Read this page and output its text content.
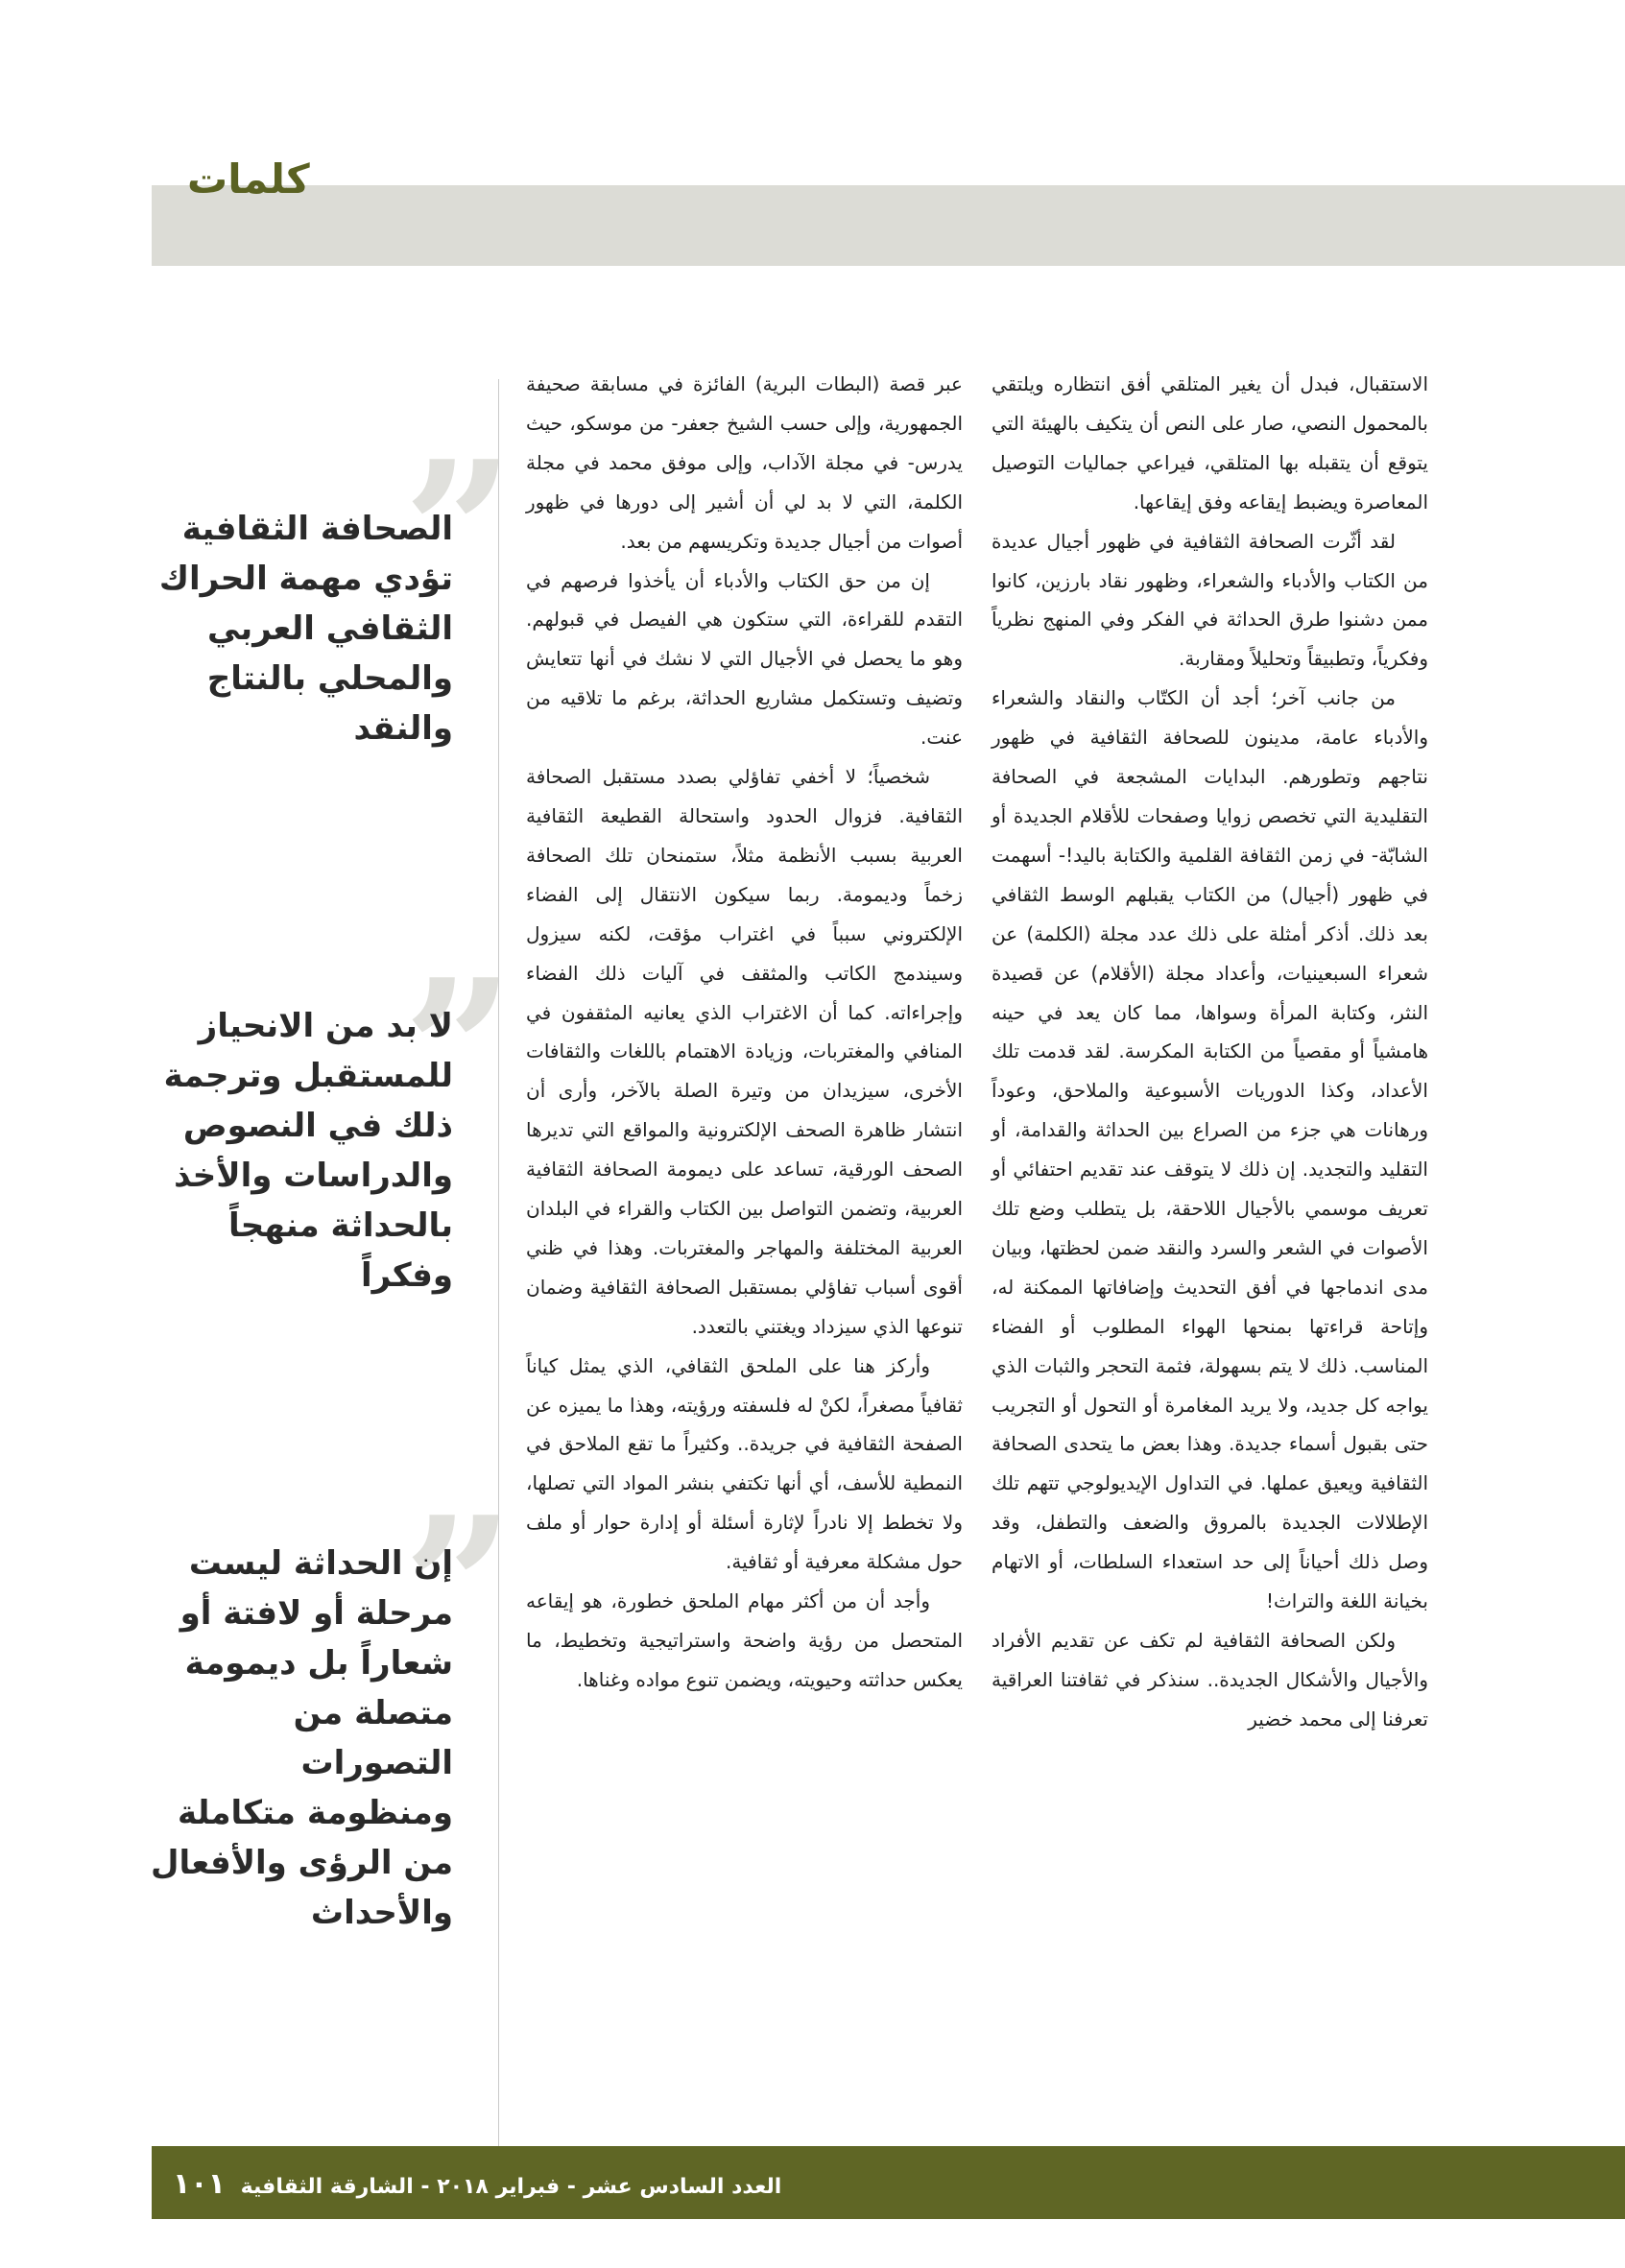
كلمات

الاستقبال، فبدل أن يغير المتلقي أفق انتظاره ويلتقي بالمحمول النصي، صار على النص أن يتكيف بالهيئة التي يتوقع أن يتقبله بها المتلقي، فيراعي جماليات التوصيل المعاصرة ويضبط إيقاعه وفق إيقاعها.

لقد أثّرت الصحافة الثقافية في ظهور أجيال عديدة من الكتاب والأدباء والشعراء، وظهور نقاد بارزين، كانوا ممن دشنوا طرق الحداثة في الفكر وفي المنهج نظرياً وفكرياً، وتطبيقاً وتحليلاً ومقاربة.

من جانب آخر؛ أجد أن الكتّاب والنقاد والشعراء والأدباء عامة، مدينون للصحافة الثقافية في ظهور نتاجهم وتطورهم. البدايات المشجعة في الصحافة التقليدية التي تخصص زوايا وصفحات للأقلام الجديدة أو الشابّة- في زمن الثقافة القلمية والكتابة باليد!- أسهمت في ظهور (أجيال) من الكتاب يقبلهم الوسط الثقافي بعد ذلك. أذكر أمثلة على ذلك عدد مجلة (الكلمة) عن شعراء السبعينيات، وأعداد مجلة (الأقلام) عن قصيدة النثر، وكتابة المرأة وسواها، مما كان يعد في حينه هامشياً أو مقصياً من الكتابة المكرسة. لقد قدمت تلك الأعداد، وكذا الدوريات الأسبوعية والملاحق، وعوداً ورهانات هي جزء من الصراع بين الحداثة والقدامة، أو التقليد والتجديد. إن ذلك لا يتوقف عند تقديم احتفائي أو تعريف موسمي بالأجيال اللاحقة، بل يتطلب وضع تلك الأصوات في الشعر والسرد والنقد ضمن لحظتها، وبيان مدى اندماجها في أفق التحديث وإضافاتها الممكنة له، وإتاحة قراءتها بمنحها الهواء المطلوب أو الفضاء المناسب. ذلك لا يتم بسهولة، فثمة التحجر والثبات الذي يواجه كل جديد، ولا يريد المغامرة أو التحول أو التجريب حتى بقبول أسماء جديدة. وهذا بعض ما يتحدى الصحافة الثقافية ويعيق عملها. في التداول الإيديولوجي تتهم تلك الإطلالات الجديدة بالمروق والضعف والتطفل، وقد وصل ذلك أحياناً إلى حد استعداء السلطات، أو الاتهام بخيانة اللغة والتراث!

ولكن الصحافة الثقافية لم تكف عن تقديم الأفراد والأجيال والأشكال الجديدة.. سنذكر في ثقافتنا العراقية تعرفنا إلى محمد خضير

عبر قصة (البطات البرية) الفائزة في مسابقة صحيفة الجمهورية، وإلى حسب الشيخ جعفر- من موسكو، حيث يدرس- في مجلة الآداب، وإلى موفق محمد في مجلة الكلمة، التي لا بد لي أن أشير إلى دورها في ظهور أصوات من أجيال جديدة وتكريسهم من بعد.

إن من حق الكتاب والأدباء أن يأخذوا فرصهم في التقدم للقراءة، التي ستكون هي الفيصل في قبولهم. وهو ما يحصل في الأجيال التي لا نشك في أنها تتعايش وتضيف وتستكمل مشاريع الحداثة، برغم ما تلاقيه من عنت.

شخصياً؛ لا أخفي تفاؤلي بصدد مستقبل الصحافة الثقافية. فزوال الحدود واستحالة القطيعة الثقافية العربية بسبب الأنظمة مثلاً، ستمنحان تلك الصحافة زخماً وديمومة. ربما سيكون الانتقال إلى الفضاء الإلكتروني سبباً في اغتراب مؤقت، لكنه سيزول وسيندمج الكاتب والمثقف في آليات ذلك الفضاء وإجراءاته. كما أن الاغتراب الذي يعانيه المثقفون في المنافي والمغتربات، وزيادة الاهتمام باللغات والثقافات الأخرى، سيزيدان من وتيرة الصلة بالآخر، وأرى أن انتشار ظاهرة الصحف الإلكترونية والمواقع التي تديرها الصحف الورقية، تساعد على ديمومة الصحافة الثقافية العربية، وتضمن التواصل بين الكتاب والقراء في البلدان العربية المختلفة والمهاجر والمغتربات. وهذا في ظني أقوى أسباب تفاؤلي بمستقبل الصحافة الثقافية وضمان تنوعها الذي سيزداد ويغتني بالتعدد.

وأركز هنا على الملحق الثقافي، الذي يمثل كياناً ثقافياً مصغراً، لكنْ له فلسفته ورؤيته، وهذا ما يميزه عن الصفحة الثقافية في جريدة.. وكثيراً ما تقع الملاحق في النمطية للأسف، أي أنها تكتفي بنشر المواد التي تصلها، ولا تخطط إلا نادراً لإثارة أسئلة أو إدارة حوار أو ملف حول مشكلة معرفية أو ثقافية.

وأجد أن من أكثر مهام الملحق خطورة، هو إيقاعه المتحصل من رؤية واضحة واستراتيجية وتخطيط، ما يعكس حداثته وحيويته، ويضمن تنوع مواده وغناها.

”
الصحافة الثقافية تؤدي مهمة الحراك الثقافي العربي والمحلي بالنتاج والنقد
”
لا بد من الانحياز للمستقبل وترجمة ذلك في النصوص والدراسات والأخذ بالحداثة منهجاً وفكراً
”
إن الحداثة ليست مرحلة أو لافتة أو شعاراً بل ديمومة متصلة من التصورات ومنظومة متكاملة من الرؤى والأفعال والأحداث
العدد السادس عشر - فبراير ٢٠١٨ - الشارقة الثقافية ١٠١
